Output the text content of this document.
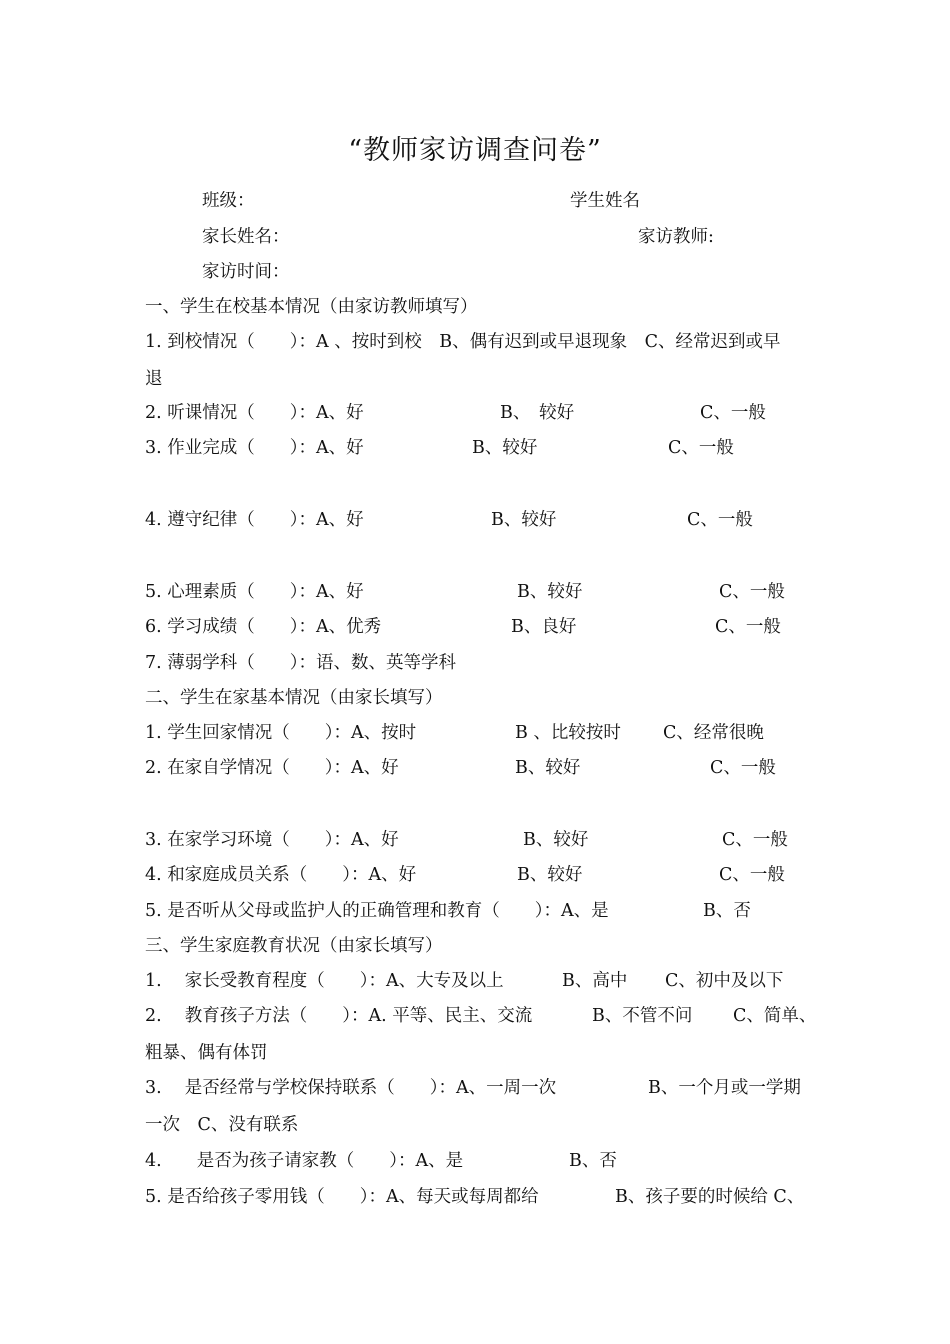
“教师家访调查问卷”
班级：	学生姓名
家长姓名：	家访教师:
家访时间：
一、学生在校基本情况（由家访教师填写）
1. 到校情况（　　）：A 、按时到校　B、偶有迟到或早退现象　C、经常迟到或早
退
2. 听课情况（　　）：A、好	B、　较好	C、一般
3. 作业完成（　　）：A、好	B、较好	C、一般
4. 遵守纪律（　　）：A、好	B、较好	C、一般
5. 心理素质（　　）：A、好	B、较好	C、一般
6. 学习成绩（　　）：A、优秀	B、良好	C、一般
7. 薄弱学科（　　）：语、数、英等学科
二、学生在家基本情况（由家长填写）
1. 学生回家情况（　　）：A、按时	B 、比较按时 C、经常很晚
2. 在家自学情况（　　）：A、好	B、较好	C、一般
3. 在家学习环境（　　）：A、好	B、较好	C、一般
4. 和家庭成员关系（　　）：A、好	B、较好	C、一般
5. 是否听从父母或监护人的正确管理和教育（　　）：A、是	B、否
三、学生家庭教育状况（由家长填写）
1.　 家长受教育程度（　　）：A、大专及以上	B、高中 C、初中及以下
2.　 教育孩子方法（　　）：A. 平等、民主、交流	B、不管不问 C、简单、
粗暴、偶有体罚
3.　 是否经常与学校保持联系（　　）：A、一周一次	B、一个月或一学期
一次　C、没有联系
4.　　是否为孩子请家教（　　）：A、是	B、否
5. 是否给孩子零用钱（　　）：A、每天或每周都给	B、孩子要的时候给 C、
